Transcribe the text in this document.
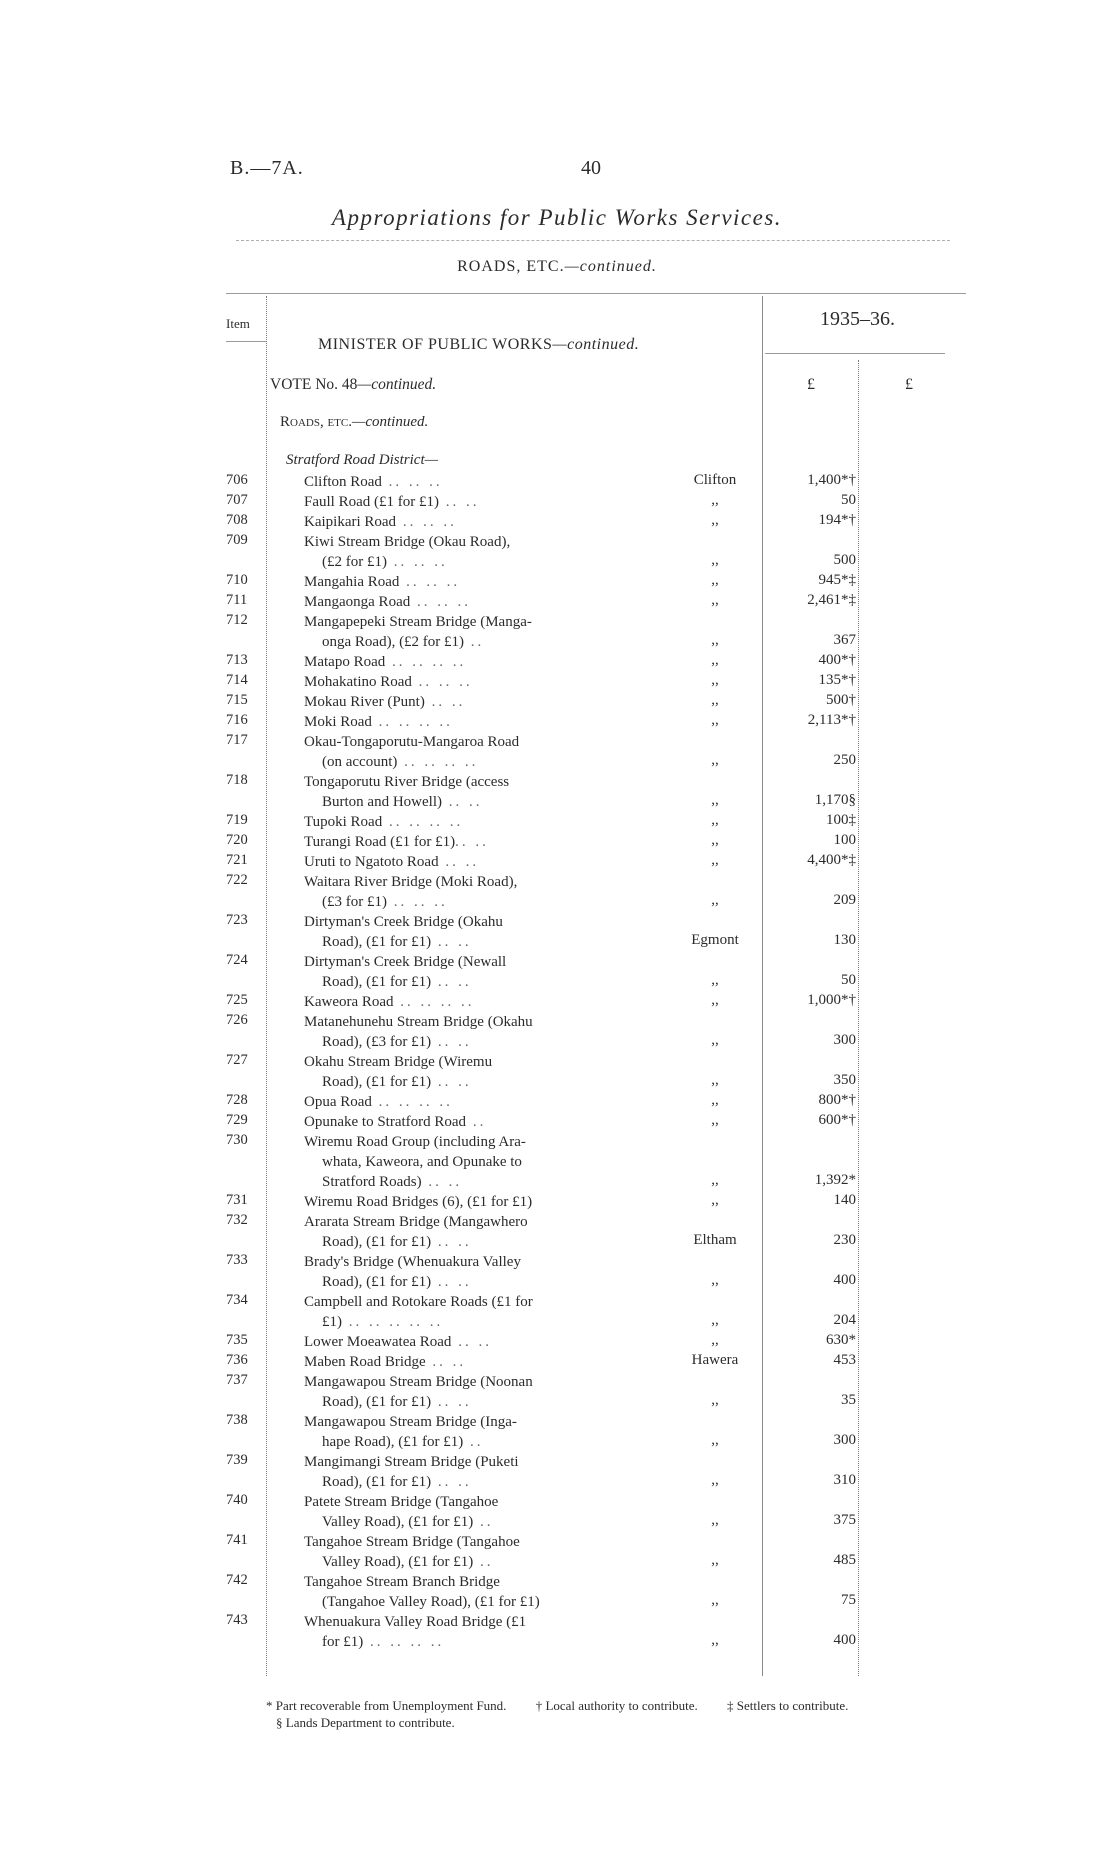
B.—7A.	40
Appropriations for Public Works Services.
ROADS, ETC.—continued.
Item
MINISTER OF PUBLIC WORKS—continued.
1935–36.
VOTE No. 48—continued.	£	£
Roads, etc.—continued.
Stratford Road District—
706	Clifton Road .. .. ..	Clifton	1,400*†
707	Faull Road (£1 for £1) .. ..	,,	50
708	Kaipikari Road .. .. ..	,,	194*†
709	Kiwi Stream Bridge (Okau Road),
(£2 for £1) .. .. ..	,,	500
710	Mangahia Road .. .. ..	,,	945*‡
711	Mangaonga Road .. .. ..	,,	2,461*‡
712	Mangapepeki Stream Bridge (Manga-
onga Road), (£2 for £1) ..	,,	367
713	Matapo Road .. .. .. ..	,,	400*†
714	Mohakatino Road .. .. ..	,,	135*†
715	Mokau River (Punt) .. ..	,,	500†
716	Moki Road .. .. .. ..	,,	2,113*†
717	Okau-Tongaporutu-Mangaroa Road
(on account) .. .. .. ..	,,	250
718	Tongaporutu River Bridge (access
Burton and Howell) .. ..	,,	1,170§
719	Tupoki Road .. .. .. ..	,,	100‡
720	Turangi Road (£1 for £1).. ..	,,	100
721	Uruti to Ngatoto Road .. ..	,,	4,400*‡
722	Waitara River Bridge (Moki Road),
(£3 for £1) .. .. ..	,,	209
723	Dirtyman's Creek Bridge (Okahu
Road), (£1 for £1) .. ..	Egmont	130
724	Dirtyman's Creek Bridge (Newall
Road), (£1 for £1) .. ..	,,	50
725	Kaweora Road .. .. .. ..	,,	1,000*†
726	Matanehunehu Stream Bridge (Okahu
Road), (£3 for £1) .. ..	,,	300
727	Okahu Stream Bridge (Wiremu
Road), (£1 for £1) .. ..	,,	350
728	Opua Road .. .. .. ..	,,	800*†
729	Opunake to Stratford Road ..	,,	600*†
730	Wiremu Road Group (including Ara-
whata, Kaweora, and Opunake to
Stratford Roads) .. ..	,,	1,392*
731	Wiremu Road Bridges (6), (£1 for £1)	,,	140
732	Ararata Stream Bridge (Mangawhero
Road), (£1 for £1) .. ..	Eltham	230
733	Brady's Bridge (Whenuakura Valley
Road), (£1 for £1) .. ..	,,	400
734	Campbell and Rotokare Roads (£1 for
£1) .. .. .. .. ..	,,	204
735	Lower Moeawatea Road .. ..	,,	630*
736	Maben Road Bridge .. ..	Hawera	453
737	Mangawapou Stream Bridge (Noonan
Road), (£1 for £1) .. ..	,,	35
738	Mangawapou Stream Bridge (Inga-
hape Road), (£1 for £1) ..	,,	300
739	Mangimangi Stream Bridge (Puketi
Road), (£1 for £1) .. ..	,,	310
740	Patete Stream Bridge (Tangahoe
Valley Road), (£1 for £1) ..	,,	375
741	Tangahoe Stream Bridge (Tangahoe
Valley Road), (£1 for £1) ..	,,	485
742	Tangahoe Stream Branch Bridge
(Tangahoe Valley Road), (£1 for £1)	,,	75
743	Whenuakura Valley Road Bridge (£1
for £1) .. .. .. ..	,,	400
* Part recoverable from Unemployment Fund. † Local authority to contribute. ‡ Settlers to contribute. § Lands Department to contribute.
